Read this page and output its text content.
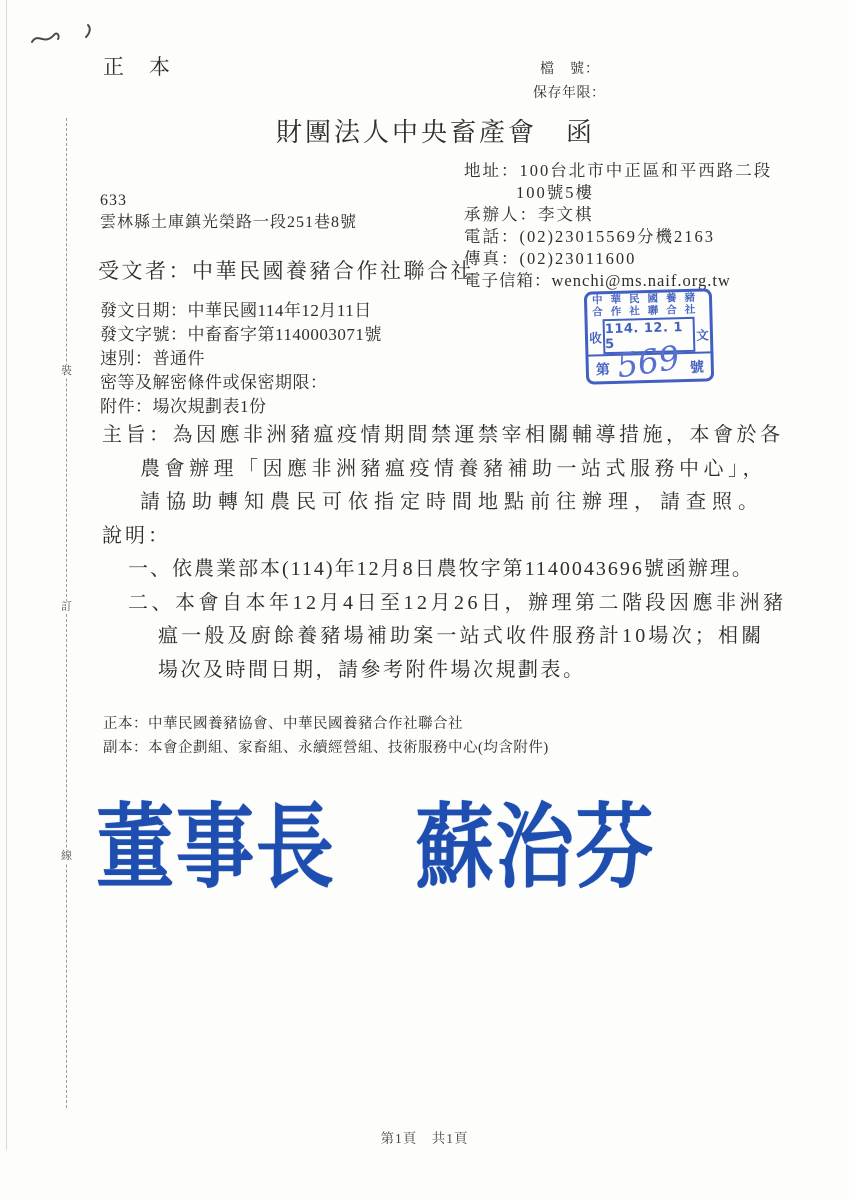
正　本	檔　號：
保存年限：
財團法人中央畜產會　函
地址：100台北市中正區和平西路二段
100號5樓
承辦人：李文棋
電話：(02)23015569分機2163
傳真：(02)23011600
電子信箱：wenchi@ms.naif.org.tw
633
雲林縣土庫鎮光榮路一段251巷8號
受文者：中華民國養豬合作社聯合社
發文日期：中華民國114年12月11日
發文字號：中畜畜字第1140003071號
速別：普通件
密等及解密條件或保密期限：
附件：場次規劃表1份
中華民國養豬
合作社聯合社
收
114. 12. 1 5
文
第 569 號
主旨：為因應非洲豬瘟疫情期間禁運禁宰相關輔導措施，本會於各
農會辦理「因應非洲豬瘟疫情養豬補助一站式服務中心」，
請協助轉知農民可依指定時間地點前往辦理，請查照。
說明：
一、依農業部本(114)年12月8日農牧字第1140043696號函辦理。
二、本會自本年12月4日至12月26日，辦理第二階段因應非洲豬
瘟一般及廚餘養豬場補助案一站式收件服務計10場次；相關
場次及時間日期，請參考附件場次規劃表。
正本：中華民國養豬協會、中華民國養豬合作社聯合社
副本：本會企劃組、家畜組、永續經營組、技術服務中心(均含附件)
董事長　蘇治芬
裝
訂
線
第1頁　共1頁
